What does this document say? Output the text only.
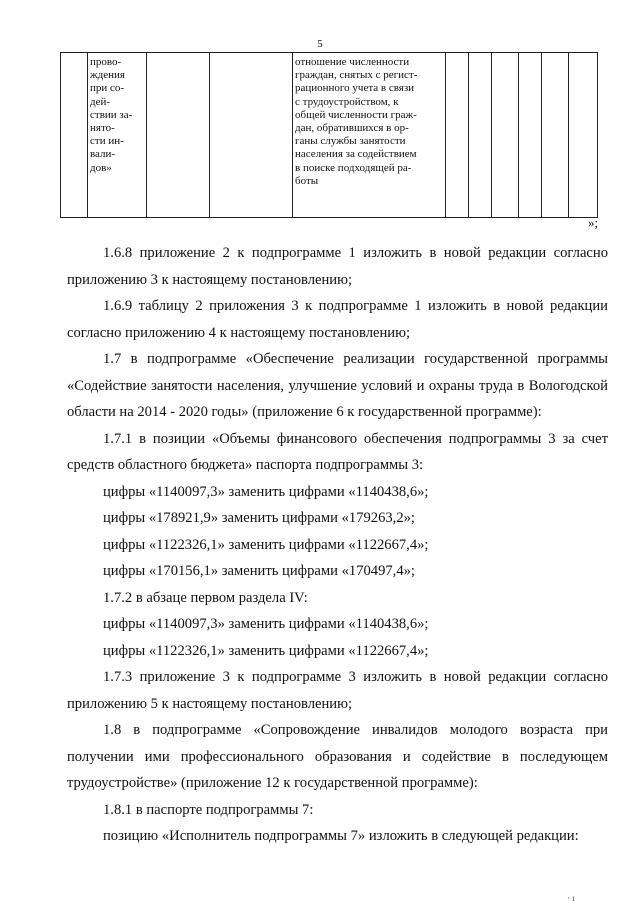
5
	прово-
ждения
при со-
дей-
ствии за-
нято-
сти ин-
вали-
дов»			отношение численности
граждан, снятых с регист-
рационного учета в связи
с трудоустройством, к
общей численности граж-
дан, обратившихся в ор-
ганы службы занятости
населения за содействием
в поиске подходящей ра-
боты						
»;

1.6.8 приложение 2 к подпрограмме 1 изложить в новой редакции согласно приложению 3 к настоящему постановлению;

1.6.9 таблицу 2 приложения 3 к подпрограмме 1 изложить в новой редакции согласно приложению 4 к настоящему постановлению;

1.7 в подпрограмме «Обеспечение реализации государственной программы «Содействие занятости населения, улучшение условий и охраны труда в Вологодской области на 2014 - 2020 годы» (приложение 6 к государственной программе):

1.7.1 в позиции «Объемы финансового обеспечения подпрограммы 3 за счет средств областного бюджета» паспорта подпрограммы 3:

цифры «1140097,3» заменить цифрами «1140438,6»;

цифры «178921,9» заменить цифрами «179263,2»;

цифры «1122326,1» заменить цифрами «1122667,4»;

цифры «170156,1» заменить цифрами «170497,4»;

1.7.2 в абзаце первом раздела IV:

цифры «1140097,3» заменить цифрами «1140438,6»;

цифры «1122326,1» заменить цифрами «1122667,4»;

1.7.3 приложение 3 к подпрограмме 3 изложить в новой редакции согласно приложению 5 к настоящему постановлению;

1.8 в подпрограмме «Сопровождение инвалидов молодого возраста при получении ими профессионального образования и содействие в последующем трудоустройстве» (приложение 12 к государственной программе):

1.8.1 в паспорте подпрограммы 7:

позицию «Исполнитель подпрограммы 7» изложить в следующей редакции:

· ı
